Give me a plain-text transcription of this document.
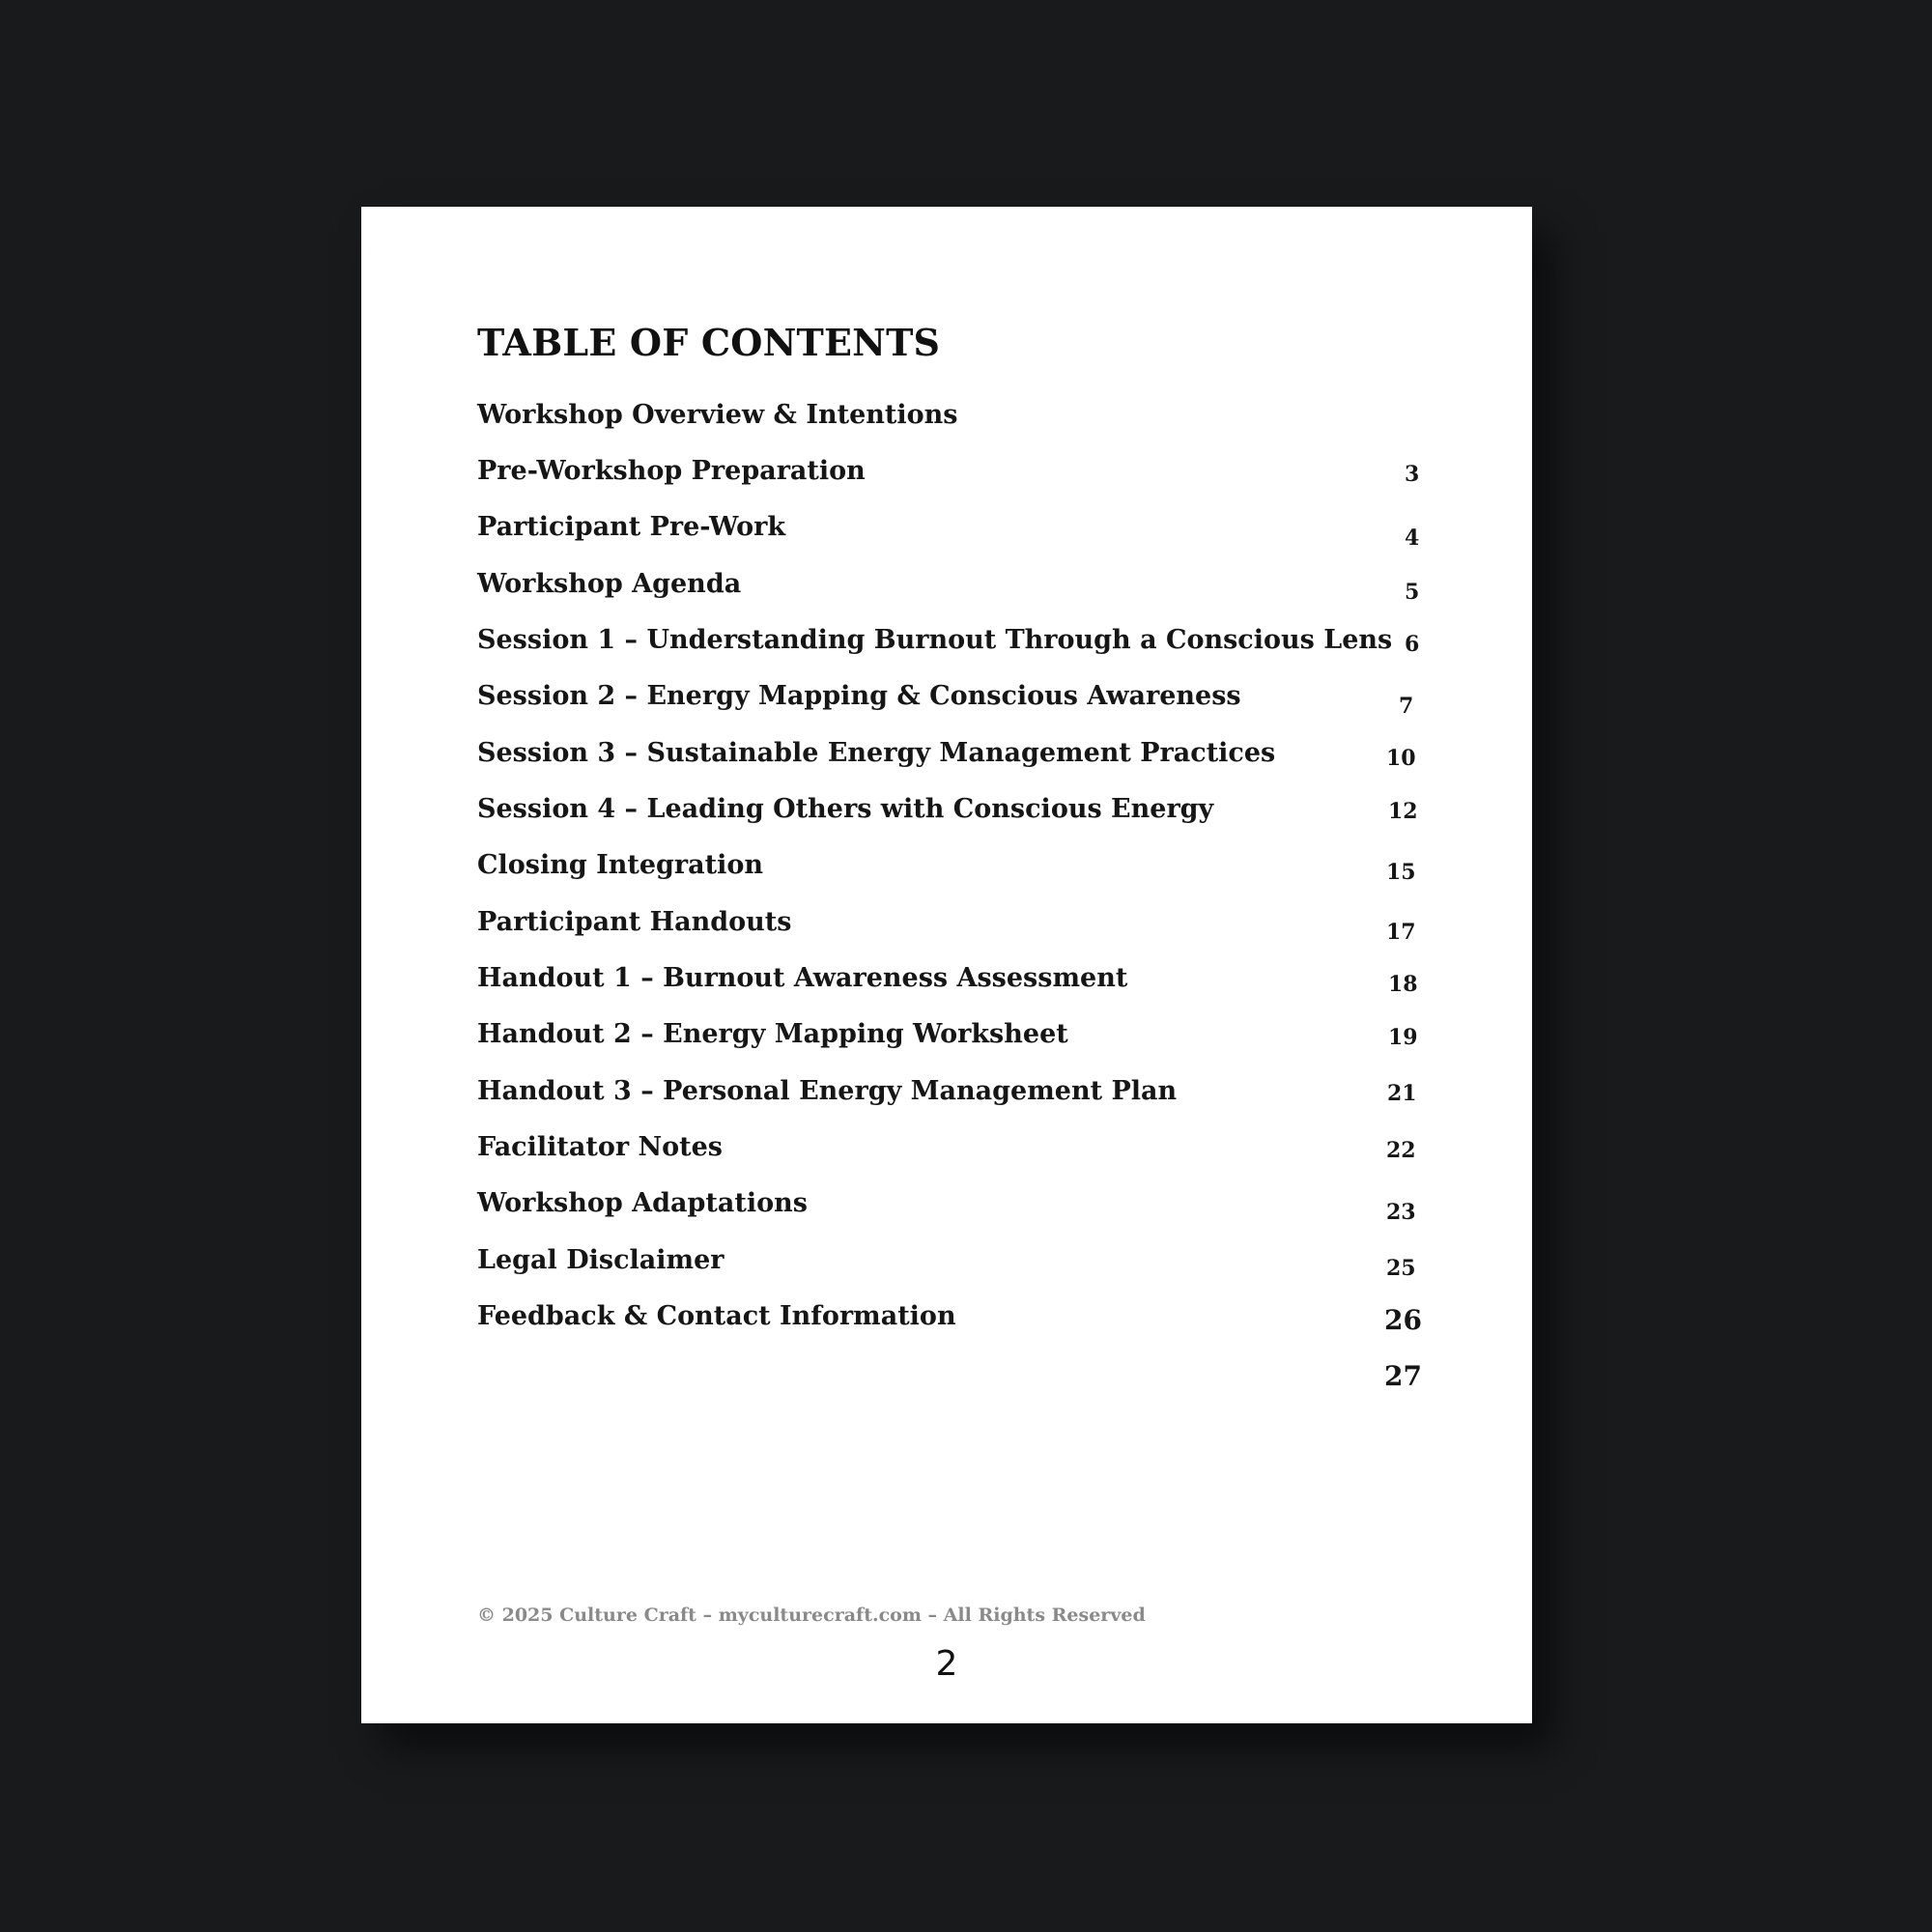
TABLE OF CONTENTS
Workshop Overview & Intentions
Pre-Workshop Preparation
Participant Pre-Work
Workshop Agenda
Session 1 – Understanding Burnout Through a Conscious Lens
Session 2 – Energy Mapping & Conscious Awareness
Session 3 – Sustainable Energy Management Practices
Session 4 – Leading Others with Conscious Energy
Closing Integration
Participant Handouts
Handout 1 – Burnout Awareness Assessment
Handout 2 – Energy Mapping Worksheet
Handout 3 – Personal Energy Management Plan
Facilitator Notes
Workshop Adaptations
Legal Disclaimer
Feedback & Contact Information
3
4
5
6
7
10
12
15
17
18
19
21
22
23
25
26
27
© 2025 Culture Craft – myculturecraft.com – All Rights Reserved
2
